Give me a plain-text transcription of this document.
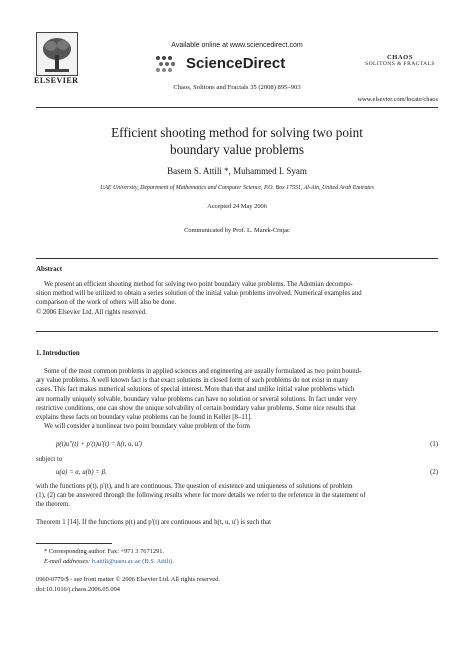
ELSEVIER
Available online at www.sciencedirect.com
ScienceDirect
Chaos, Solitons and Fractals 35 (2008) 895–903
CHAOS
SOLITONS & FRACTALS
www.elsevier.com/locate/chaos
Efficient shooting method for solving two point
boundary value problems
Basem S. Attili *, Muhammed I. Syam
UAE University, Department of Mathematics and Computer Science, P.O. Box 17551, Al-Ain, United Arab Emirates
Accepted 24 May 2006
Communicated by Prof. L. Marek-Crnjac
Abstract
We present an efficient shooting method for solving two point boundary value problems. The Adomian decompo-
sition method will be utilized to obtain a series solution of the initial value problems involved. Numerical examples and
comparison of the work of others will also be done.
© 2006 Elsevier Ltd. All rights reserved.
1. Introduction
Some of the most common problems in applied sciences and engineering are usually formulated as two point bound-
ary value problems. A well known fact is that exact solutions in closed form of such problems do not exist in many
cases. This fact makes numerical solutions of special interest. More than that and unlike initial value problems which
are normally uniquely solvable, boundary value problems can have no solution or several solutions. In fact under very
restrictive conditions, one can show the unique solvability of certain boundary value problems. Some nice results that
explains these facts on boundary value problems can be found in Keller [8–11].
We will consider a nonlinear two point boundary value problem of the form
p(t)u''(t) + p'(t)u'(t) = h(t, u, u')	(1)
subject to
u(a) = α, u(b) = β.	(2)
with the functions p(t), p'(t), and h are continuous. The question of existence and uniqueness of solutions of problem
(1), (2) can be answered through the following results where for more details we refer to the reference in the statement of
the theorem.
Theorem 1 [14]. If the functions p(t) and p'(t) are continuous and h(t, u, u') is such that
* Corresponding author. Fax: +971 3 7671291.
E-mail addresses: b.attili@uaeu.ac.ae (B.S. Attili).
0960-0779/$ - see front matter © 2006 Elsevier Ltd. All rights reserved.
doi:10.1016/j.chaos.2006.05.094
